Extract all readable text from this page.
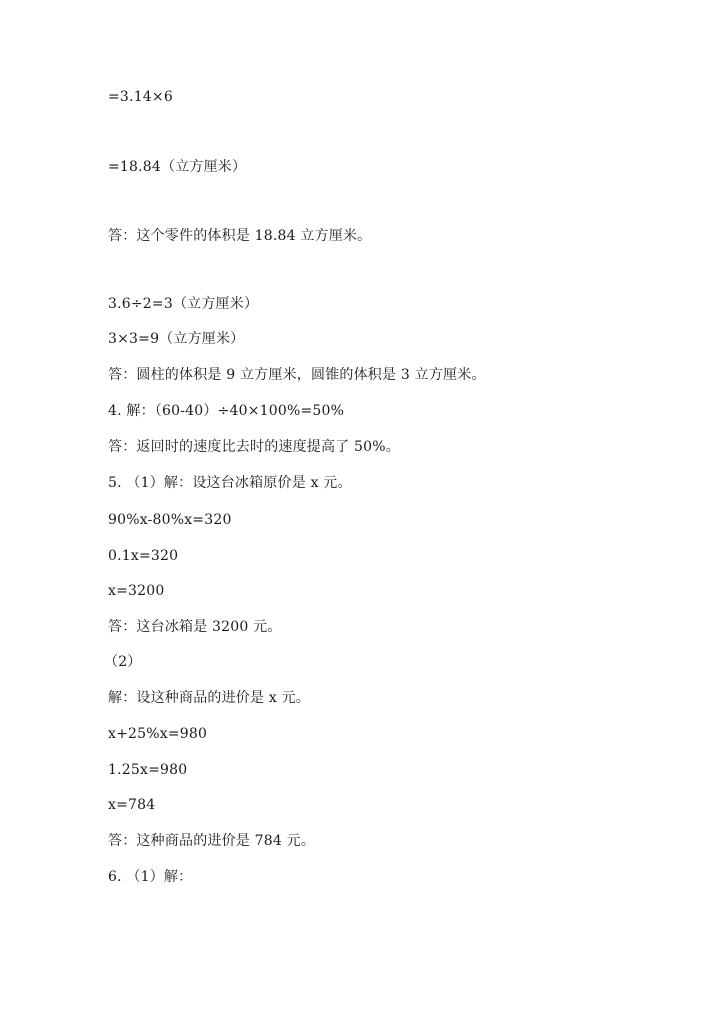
=3.14×6
=18.84（立方厘米）
答：这个零件的体积是 18.84 立方厘米。
3.6÷2=3（立方厘米）
3×3=9（立方厘米）
答：圆柱的体积是 9 立方厘米，圆锥的体积是 3 立方厘米。
4. 解：（60-40）÷40×100%=50%
答：返回时的速度比去时的速度提高了 50%。
5. （1）解：设这台冰箱原价是 x 元。
90%x-80%x=320
0.1x=320
x=3200
答：这台冰箱是 3200 元。
（2）
解：设这种商品的进价是 x 元。
x+25%x=980
1.25x=980
x=784
答：这种商品的进价是 784 元。
6. （1）解：
